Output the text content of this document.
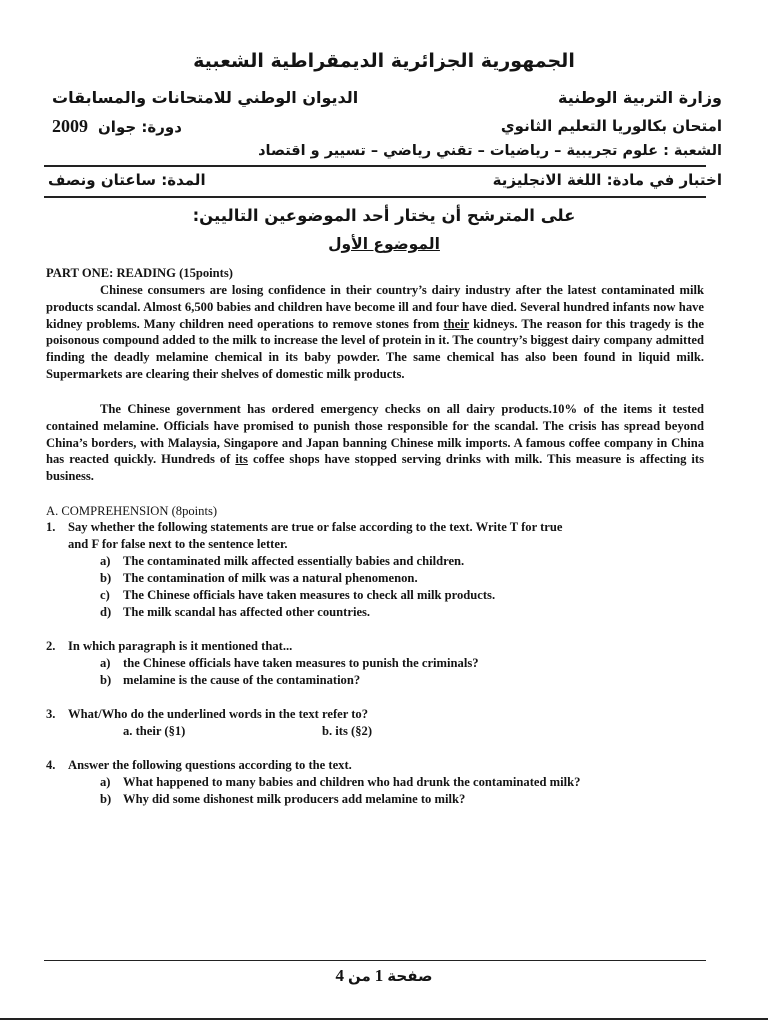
الجمهورية الجزائرية الديمقراطية الشعبية
وزارة التربية الوطنية
الديوان الوطني للامتحانات والمسابقات
امتحان بكالوريا التعليم الثانوي
2009 دورة: جوان
الشعبة : علوم تجريبية – رياضيات – تقني رياضي – تسيير و اقتصاد
اختبار في مادة: اللغة الانجليزية
المدة: ساعتان ونصف
على المترشح أن يختار أحد الموضوعين التاليين:
الموضوع الأول
PART ONE: READING (15points)
Chinese consumers are losing confidence in their country’s dairy industry after the latest contaminated milk products scandal. Almost 6,500 babies and children have become ill and four have died. Several hundred infants now have kidney problems. Many children need operations to remove stones from their kidneys. The reason for this tragedy is the poisonous compound added to the milk to increase the level of protein in it. The country’s biggest dairy company admitted finding the deadly melamine chemical in its baby powder. The same chemical has also been found in liquid milk. Supermarkets are clearing their shelves of domestic milk products.
The Chinese government has ordered emergency checks on all dairy products.10% of the items it tested contained melamine. Officials have promised to punish those responsible for the scandal. The crisis has spread beyond China’s borders, with Malaysia, Singapore and Japan banning Chinese milk imports. A famous coffee company in China has reacted quickly. Hundreds of its coffee shops have stopped serving drinks with milk. This measure is affecting its business.
A. COMPREHENSION (8points)
1. Say whether the following statements are true or false according to the text. Write T for true
and F for false next to the sentence letter.
a) The contaminated milk affected essentially babies and children.
b) The contamination of milk was a natural phenomenon.
c) The Chinese officials have taken measures to check all milk products.
d) The milk scandal has affected other countries.
2. In which paragraph is it mentioned that...
a) the Chinese officials have taken measures to punish the criminals?
b) melamine is the cause of the contamination?
3. What/Who do the underlined words in the text refer to?
a. their (§1)	b. its (§2)
4. Answer the following questions according to the text.
a) What happened to many babies and children who had drunk the contaminated milk?
b) Why did some dishonest milk producers add melamine to milk?
صفحة 1 من 4
